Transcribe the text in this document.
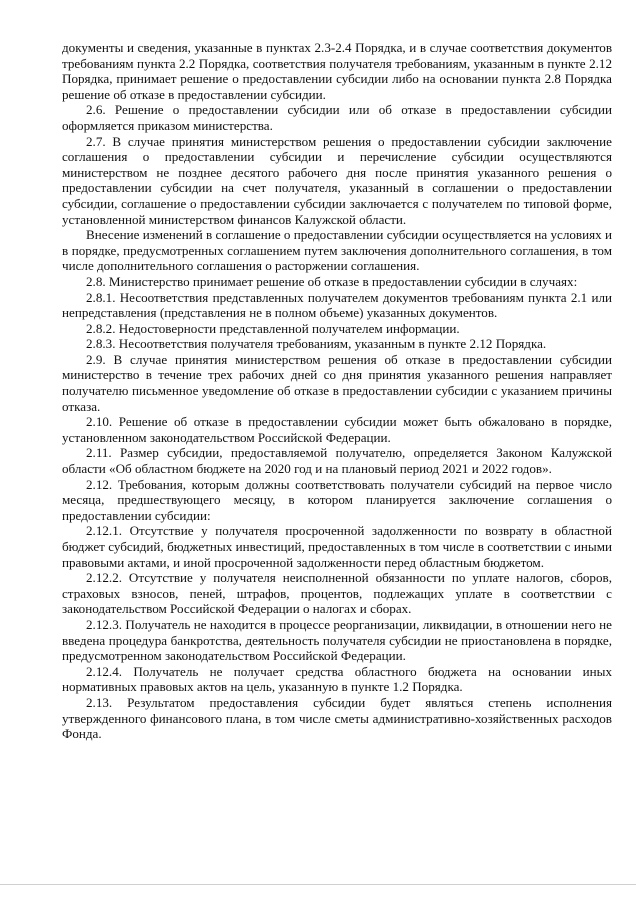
документы и сведения, указанные в пунктах 2.3-2.4 Порядка, и в случае соответствия документов требованиям пункта 2.2 Порядка, соответствия получателя требованиям, указанным в пункте 2.12 Порядка, принимает решение о предоставлении субсидии либо на основании пункта 2.8 Порядка решение об отказе в предоставлении субсидии.

2.6. Решение о предоставлении субсидии или об отказе в предоставлении субсидии оформляется приказом министерства.

2.7. В случае принятия министерством решения о предоставлении субсидии заключение соглашения о предоставлении субсидии и перечисление субсидии осуществляются министерством не позднее десятого рабочего дня после принятия указанного решения о предоставлении субсидии на счет получателя, указанный в соглашении о предоставлении субсидии, соглашение о предоставлении субсидии заключается с получателем по типовой форме, установленной министерством финансов Калужской области.

Внесение изменений в соглашение о предоставлении субсидии осуществляется на условиях и в порядке, предусмотренных соглашением путем заключения дополнительного соглашения, в том числе дополнительного соглашения о расторжении соглашения.

2.8. Министерство принимает решение об отказе в предоставлении субсидии в случаях:

2.8.1. Несоответствия представленных получателем документов требованиям пункта 2.1 или непредставления (представления не в полном объеме) указанных документов.

2.8.2. Недостоверности представленной получателем информации.

2.8.3. Несоответствия получателя требованиям, указанным в пункте 2.12 Порядка.

2.9. В случае принятия министерством решения об отказе в предоставлении субсидии министерство в течение трех рабочих дней со дня принятия указанного решения направляет получателю письменное уведомление об отказе в предоставлении субсидии с указанием причины отказа.

2.10. Решение об отказе в предоставлении субсидии может быть обжаловано в порядке, установленном законодательством Российской Федерации.

2.11. Размер субсидии, предоставляемой получателю, определяется Законом Калужской области «Об областном бюджете на 2020 год и на плановый период 2021 и 2022 годов».

2.12. Требования, которым должны соответствовать получатели субсидий на первое число месяца, предшествующего месяцу, в котором планируется заключение соглашения о предоставлении субсидии:

2.12.1. Отсутствие у получателя просроченной задолженности по возврату в областной бюджет субсидий, бюджетных инвестиций, предоставленных в том числе в соответствии с иными правовыми актами, и иной просроченной задолженности перед областным бюджетом.

2.12.2. Отсутствие у получателя неисполненной обязанности по уплате налогов, сборов, страховых взносов, пеней, штрафов, процентов, подлежащих уплате в соответствии с законодательством Российской Федерации о налогах и сборах.

2.12.3. Получатель не находится в процессе реорганизации, ликвидации, в отношении него не введена процедура банкротства, деятельность получателя субсидии не приостановлена в порядке, предусмотренном законодательством Российской Федерации.

2.12.4. Получатель не получает средства областного бюджета на основании иных нормативных правовых актов на цель, указанную в пункте 1.2 Порядка.

2.13. Результатом предоставления субсидии будет являться степень исполнения утвержденного финансового плана, в том числе сметы административно-хозяйственных расходов Фонда.
